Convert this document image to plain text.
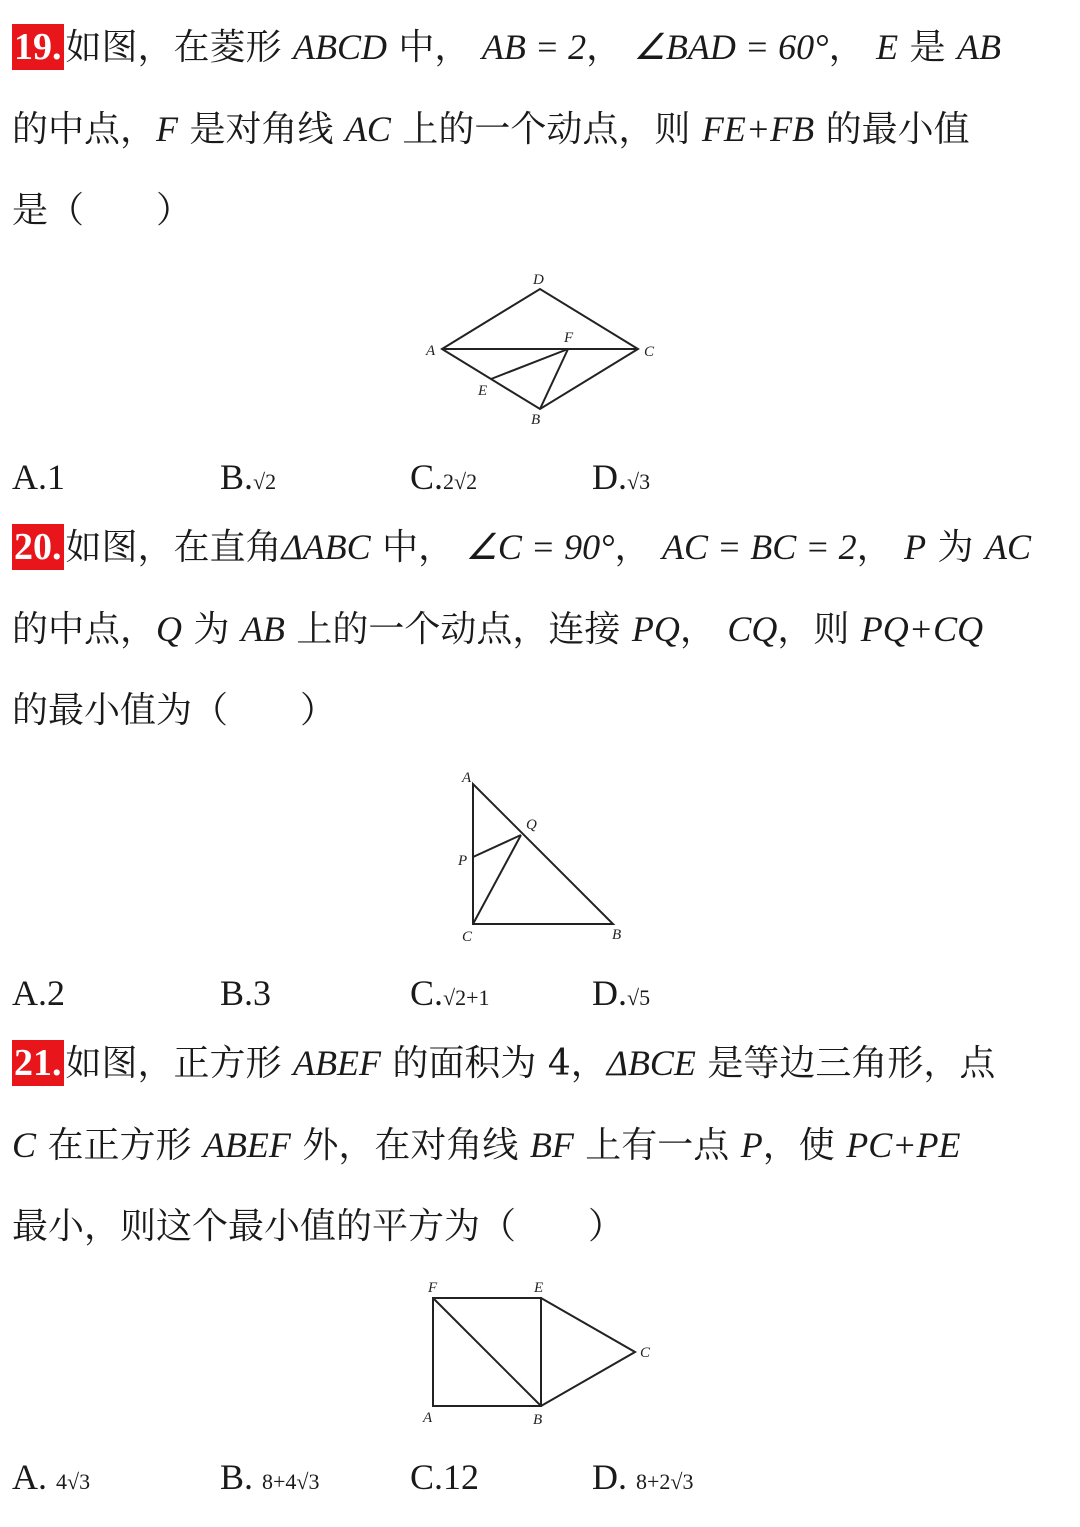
19. 如图，在菱形 ABCD 中， AB = 2， ∠BAD = 60°， E 是 AB
的中点，F 是对角线 AC 上的一个动点，则 FE+FB 的最小值
是（　　）
D
A	C
F
E
B
A.1	B.√2	C.2√2	D.√3
20. 如图，在直角ΔABC 中， ∠C = 90°， AC = BC = 2， P 为 AC
的中点，Q 为 AB 上的一个动点，连接 PQ， CQ，则 PQ+CQ
的最小值为（　　）
A
Q
P
C	B
A.2	B.3	C.√2+1	D.√5
21. 如图，正方形 ABEF 的面积为 4，ΔBCE 是等边三角形，点
C 在正方形 ABEF 外，在对角线 BF 上有一点 P，使 PC+PE
最小，则这个最小值的平方为（　　）
F	E
C
A	B
A. 4√3	B. 8+4√3	C.12	D. 8+2√3
